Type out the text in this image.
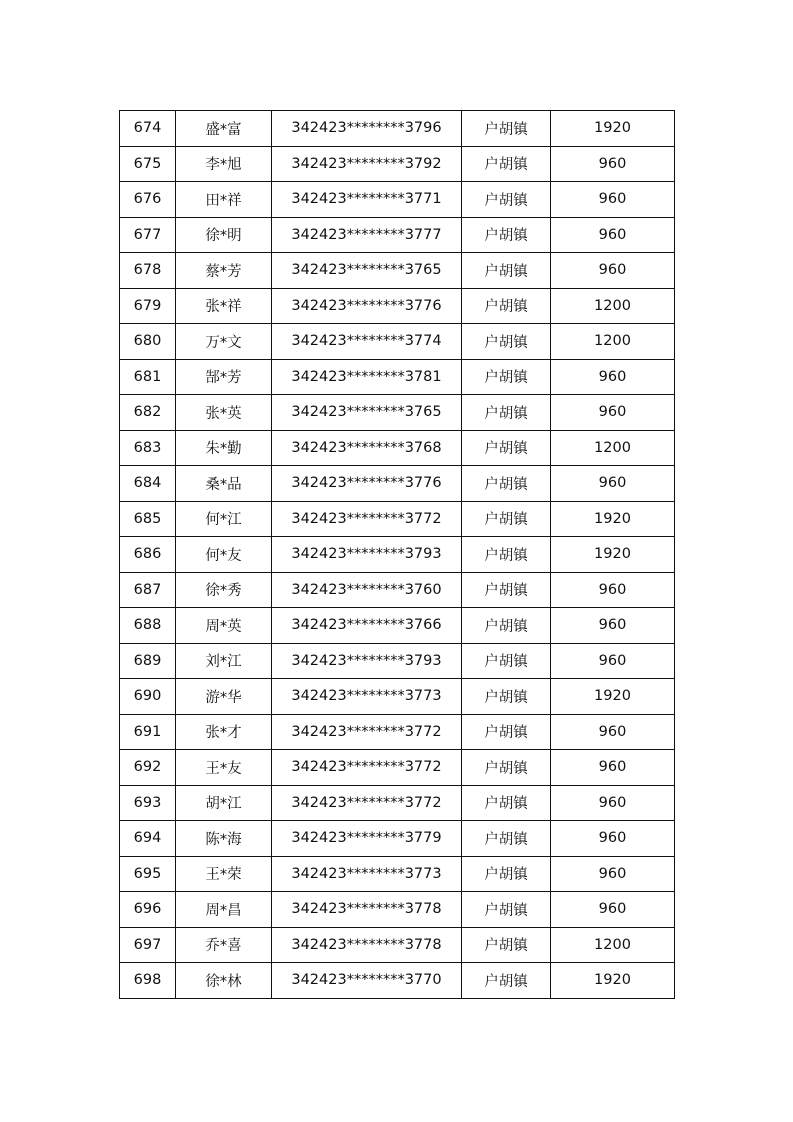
674	盛*富	342423********3796	户胡镇	1920
675	李*旭	342423********3792	户胡镇	960
676	田*祥	342423********3771	户胡镇	960
677	徐*明	342423********3777	户胡镇	960
678	蔡*芳	342423********3765	户胡镇	960
679	张*祥	342423********3776	户胡镇	1200
680	万*文	342423********3774	户胡镇	1200
681	郜*芳	342423********3781	户胡镇	960
682	张*英	342423********3765	户胡镇	960
683	朱*勤	342423********3768	户胡镇	1200
684	桑*品	342423********3776	户胡镇	960
685	何*江	342423********3772	户胡镇	1920
686	何*友	342423********3793	户胡镇	1920
687	徐*秀	342423********3760	户胡镇	960
688	周*英	342423********3766	户胡镇	960
689	刘*江	342423********3793	户胡镇	960
690	游*华	342423********3773	户胡镇	1920
691	张*才	342423********3772	户胡镇	960
692	王*友	342423********3772	户胡镇	960
693	胡*江	342423********3772	户胡镇	960
694	陈*海	342423********3779	户胡镇	960
695	王*荣	342423********3773	户胡镇	960
696	周*昌	342423********3778	户胡镇	960
697	乔*喜	342423********3778	户胡镇	1200
698	徐*林	342423********3770	户胡镇	1920
